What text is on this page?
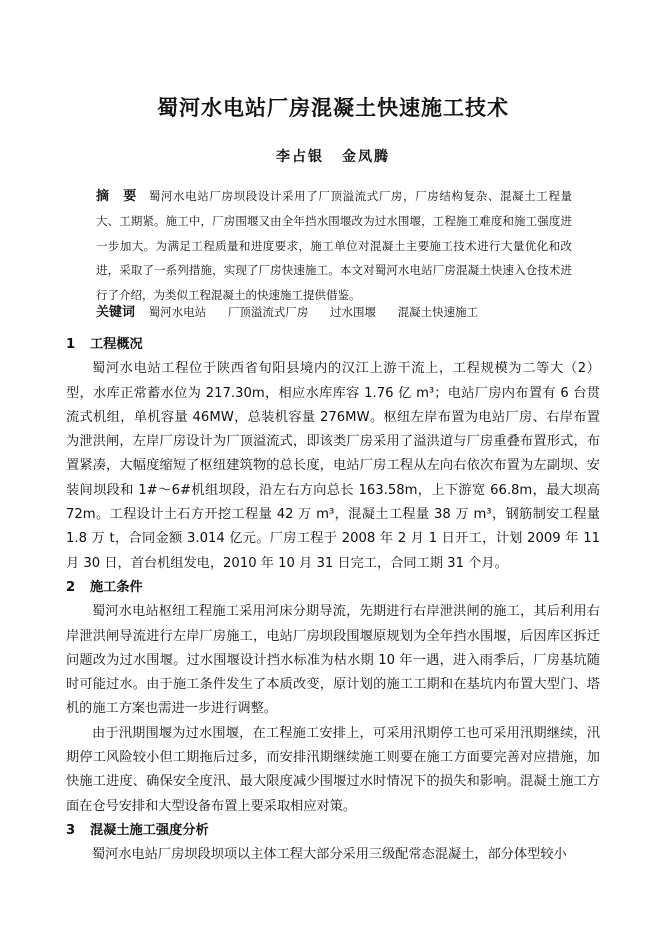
蜀河水电站厂房混凝土快速施工技术
李占银 金凤腾
摘　要 蜀河水电站厂房坝段设计采用了厂顶溢流式厂房，厂房结构复杂、混凝土工程量大、工期紧。施工中，厂房围堰又由全年挡水围堰改为过水围堰，工程施工难度和施工强度进一步加大。为满足工程质量和进度要求，施工单位对混凝土主要施工技术进行大量优化和改进，采取了一系列措施，实现了厂房快速施工。本文对蜀河水电站厂房混凝土快速入仓技术进行了介绍，为类似工程混凝土的快速施工提供借鉴。
关键词 蜀河水电站 厂顶溢流式厂房 过水围堰 混凝土快速施工

1 工程概况

蜀河水电站工程位于陕西省旬阳县境内的汉江上游干流上，工程规模为二等大（2）型，水库正常蓄水位为 217.30m，相应水库库容 1.76 亿 m³；电站厂房内布置有 6 台贯流式机组，单机容量 46MW，总装机容量 276MW。枢纽左岸布置为电站厂房、右岸布置为泄洪闸，左岸厂房设计为厂顶溢流式，即该类厂房采用了溢洪道与厂房重叠布置形式，布置紧凑，大幅度缩短了枢纽建筑物的总长度，电站厂房工程从左向右依次布置为左副坝、安装间坝段和 1#～6#机组坝段，沿左右方向总长 163.58m，上下游宽 66.8m，最大坝高 72m。工程设计土石方开挖工程量 42 万 m³，混凝土工程量 38 万 m³，钢筋制安工程量 1.8 万 t，合同金额 3.014 亿元。厂房工程于 2008 年 2 月 1 日开工，计划 2009 年 11 月 30 日，首台机组发电，2010 年 10 月 31 日完工，合同工期 31 个月。

2 施工条件

蜀河水电站枢纽工程施工采用河床分期导流，先期进行右岸泄洪闸的施工，其后利用右岸泄洪闸导流进行左岸厂房施工，电站厂房坝段围堰原规划为全年挡水围堰，后因库区拆迁问题改为过水围堰。过水围堰设计挡水标准为枯水期 10 年一遇，进入雨季后，厂房基坑随时可能过水。由于施工条件发生了本质改变，原计划的施工工期和在基坑内布置大型门、塔机的施工方案也需进一步进行调整。

由于汛期围堰为过水围堰，在工程施工安排上，可采用汛期停工也可采用汛期继续，汛期停工风险较小但工期拖后过多，而安排汛期继续施工则要在施工方面要完善对应措施，加快施工进度、确保安全度汛、最大限度减少围堰过水时情况下的损失和影响。混凝土施工方面在仓号安排和大型设备布置上要采取相应对策。

3 混凝土施工强度分析

蜀河水电站厂房坝段坝项以主体工程大部分采用三级配常态混凝土，部分体型较小
